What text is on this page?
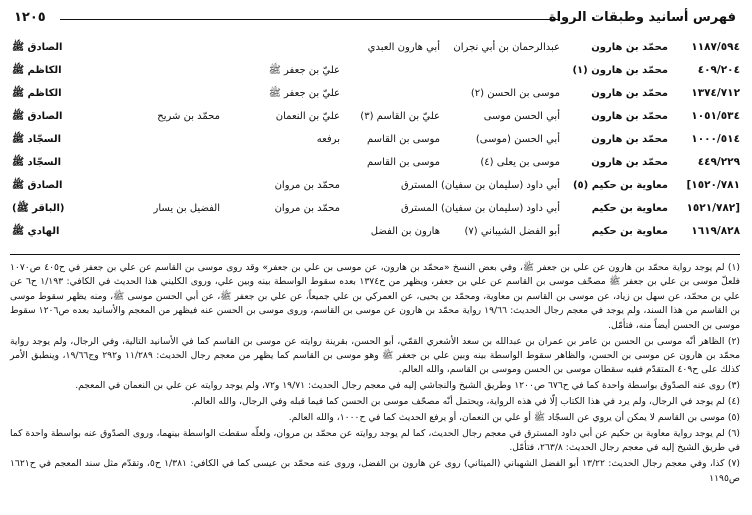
١٢٠٥	فهرس أسانيد وطبقات الرواة
١١٨٧/٥٩٤
محمّد بن هارون
عبدالرحمان بن أبي نجران
أبي هارون العبدي
الصادق ﷺ
٤٠٩/٢٠٤
محمّد بن هارون (١)
عليّ بن جعفر ﷺ
الكاظم ﷺ
١٣٧٤/٧١٢
محمّد بن هارون
موسى بن الحسن (٢)
عليّ بن جعفر ﷺ
الكاظم ﷺ
١٠٥١/٥٣٤
محمّد بن هارون
أبي الحسن موسى
عليّ بن القاسم (٣)
عليّ بن النعمان
محمّد بن شريح
الصادق ﷺ
١٠٠٠/٥١٤
محمّد بن هارون
أبي الحسن (موسى)
موسى بن القاسم
برفعه
السجّاد ﷺ
٤٤٩/٢٢٩
محمّد بن هارون
موسى بن يعلى (٤)
موسى بن القاسم
السجّاد ﷺ
[١٥٢٠/٧٨١
معاوية بن حكيم (٥)
أبي داود (سليمان بن سفيان) المسترق
محمّد بن مروان
الصادق ﷺ
١٥٢١/٧٨٢]
معاوية بن حكيم
أبي داود (سليمان بن سفيان) المسترق
محمّد بن مروان
الفضيل بن يسار
(الباقر ﷺ)
١٦١٩/٨٢٨
معاوية بن حكيم
أبو الفضل الشيباني (٧)
هارون بن الفضل
الهادي ﷺ

(١) لم يوجد رواية محمّد بن هارون عن علي بن جعفر ﷺ، وفي بعض النسخ «محمّد بن هارون، عن موسى بن علي بن جعفر» وقد روى موسى بن القاسم عن علي بن جعفر في ح٤٠٥ ص١٠٧٠ فلعلّ موسى بن علي بن جعفر ﷺ مصحّف موسى بن القاسم عن علي بن جعفر، ويظهر من ح١٣٧٤ بعده سقوط الواسطة بينه وبين علي، وروى الكليني هذا الحديث في الكافي: ١/١٩٣ ح٦ عن علي بن محمّد، عن سهل بن زياد، عن موسى بن القاسم بن معاوية، ومحمّد بن يحيى، عن العمركي بن علي جميعاً، عن علي بن جعفر ﷺ، عن أبي الحسن موسى ﷺ، ومنه يظهر سقوط موسى بن القاسم من هذا السند، ولم يوجد في معجم رجال الحديث: ١٩/٦٦ رواية محمّد بن هارون عن موسى بن القاسم، وروى موسى بن الحسن عنه فيظهر من المعجم والأسانيد بعده ص١٢٠٦ سقوط موسى بن الحسن أيضاً منه، فتأمّل.

(٢) الظاهر أنّه موسى بن الحسن بن عامر بن عمران بن عبدالله بن سعد الأشعري القمّي، أبو الحسن، بقرينة روايته عن موسى بن القاسم كما في الأسانيد التالية، وفي الرجال، ولم يوجد رواية محمّد بن هارون عن موسى بن الحسن، والظاهر سقوط الواسطة بينه وبين علي بن جعفر ﷺ وهو موسى بن القاسم كما يظهر من معجم رجال الحديث: ١١/٢٨٩ و٢٩٢ وج١٩/٦٦، وينطبق الأمر كذلك على ح٤٠٩ المتقدّم ففيه سقطان موسى بن الحسن وموسى بن القاسم، والله العالم.

(٣) روى عنه الصدّوق بواسطة واحدة كما في ح٦٧٦ ص١٢٠٠ وطريق الشيخ والنجاشي إليه في معجم رجال الحديث: ١٩/٧١ و٧٢، ولم يوجد روايته عن علي بن النعمان في المعجم.

(٤) لم يوجد في الرجال، ولم يرد في هذا الكتاب إلّا في هذه الرواية، ويحتمل أنّه مصحّف موسى بن الحسن كما فيما قبله وفي الرجال، والله العالم.

(٥) موسى بن القاسم لا يمكن أن يروي عن السجّاد ﷺ أو علي بن النعمان، أو يرفع الحديث كما في ح١٠٠٠، والله العالم.

(٦) لم يوجد رواية معاوية بن حكيم عن أبي داود المسترق في معجم رجال الحديث، كما لم يوجد روايته عن محمّد بن مروان، ولعلّه سقطت الواسطة بينهما، وروى الصدّوق عنه بواسطة واحدة كما في طريق الشيخ إليه في معجم رجال الحديث: ٢٦٣/٨، فتأمّل.

(٧) كذا، وفي معجم رجال الحديث: ١٣/٢٢ أبو الفضل الشهباني (الميثاني) روى عن هارون بن الفضل، وروى عنه محمّد بن عيسى كما في الكافي: ١/٣٨١ ح٥، وتقدّم مثل سند المعجم في ح١٦٢١ ص١١٩٥
